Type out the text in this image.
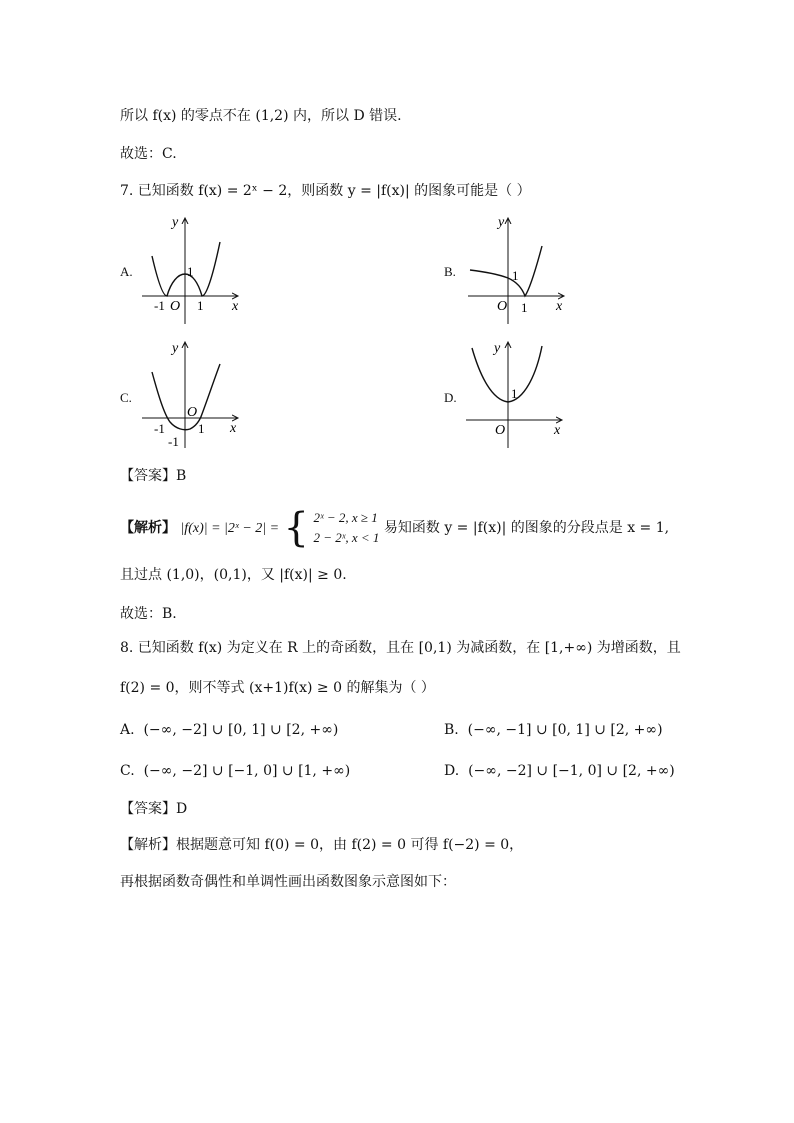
所以 f(x) 的零点不在 (1,2) 内，所以 D 错误.
故选：C.
7. 已知函数 f(x) = 2ˣ − 2，则函数 y = |f(x)| 的图象可能是（ ）
A.
y
x
1
-1 O 1
B.
y
x
1
O 1
C.
y
x
O
-1	1
-1
D.
y
x
1
O
【答案】B
【解析】 |f(x)| = |2ˣ − 2| = { 2ˣ − 2, x ≥ 1
2 − 2ˣ, x < 1
易知函数 y = |f(x)| 的图象的分段点是 x = 1,
且过点 (1,0)，(0,1)，又 |f(x)| ≥ 0.
故选：B.
8. 已知函数 f(x) 为定义在 R 上的奇函数，且在 [0,1) 为减函数，在 [1,+∞) 为增函数，且
f(2) = 0，则不等式 (x+1)f(x) ≥ 0 的解集为（ ）
A. (−∞, −2] ∪ [0, 1] ∪ [2, +∞)	B. (−∞, −1] ∪ [0, 1] ∪ [2, +∞)
C. (−∞, −2] ∪ [−1, 0] ∪ [1, +∞)	D. (−∞, −2] ∪ [−1, 0] ∪ [2, +∞)
【答案】D
【解析】根据题意可知 f(0) = 0，由 f(2) = 0 可得 f(−2) = 0，
再根据函数奇偶性和单调性画出函数图象示意图如下：
